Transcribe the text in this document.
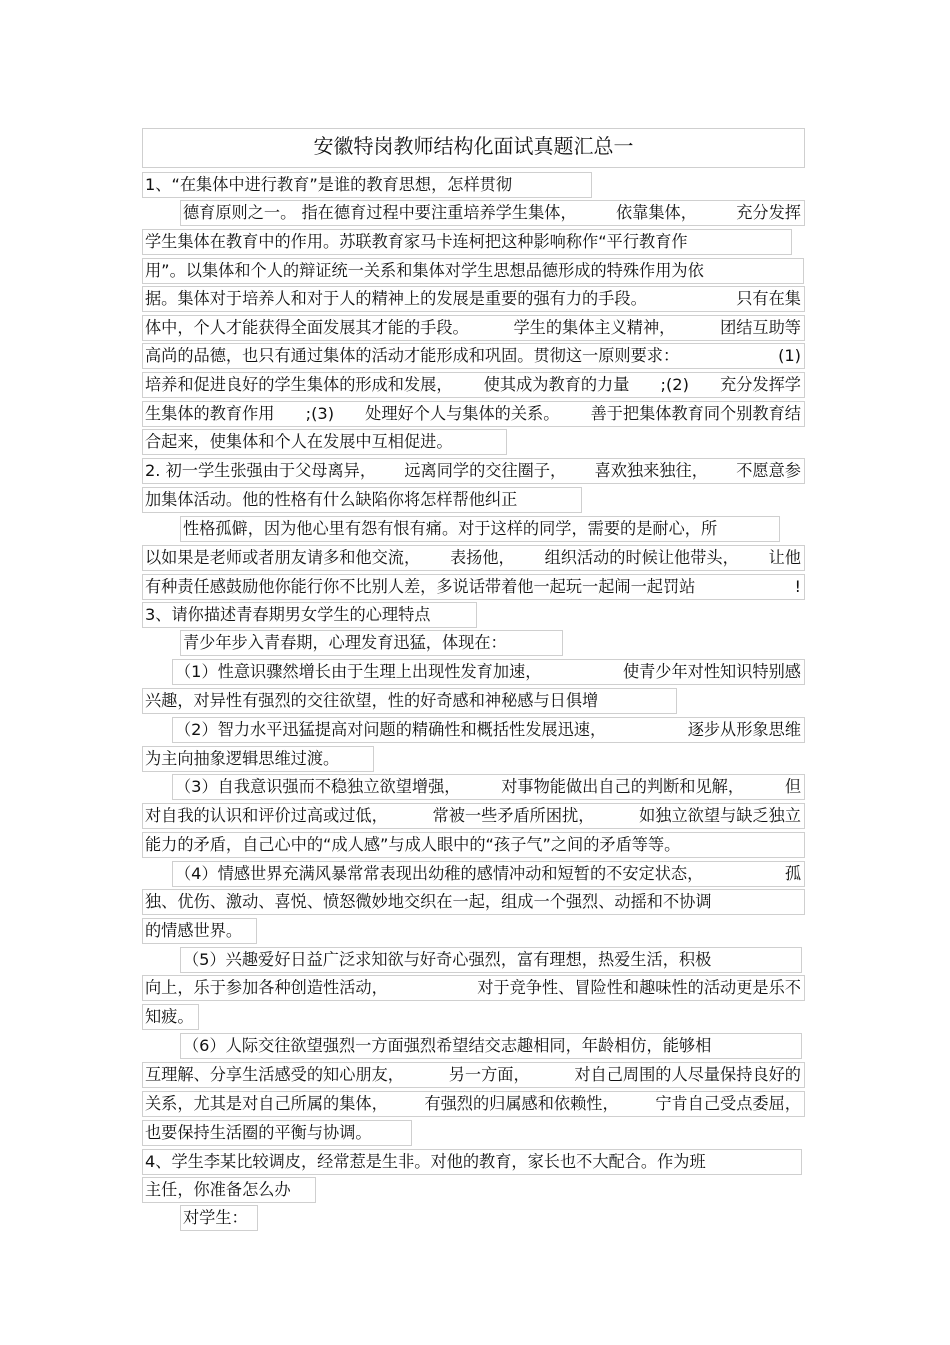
安徽特岗教师结构化面试真题汇总一
1、“在集体中进行教育”是谁的教育思想，怎样贯彻
德育原则之一。 指在德育过程中要注重培养学生集体， 依靠集体， 充分发挥
学生集体在教育中的作用。苏联教育家马卡连柯把这种影响称作“平行教育作
用”。以集体和个人的辩证统一关系和集体对学生思想品德形成的特殊作用为依
据。集体对于培养人和对于人的精神上的发展是重要的强有力的手段。	只有在集
体中，个人才能获得全面发展其才能的手段。	学生的集体主义精神，	团结互助等
高尚的品德，也只有通过集体的活动才能形成和巩固。贯彻这一原则要求：	(1)
培养和促进良好的学生集体的形成和发展， 使其成为教育的力量 ;(2) 充分发挥学
生集体的教育作用 ;(3) 处理好个人与集体的关系。 善于把集体教育同个别教育结
合起来，使集体和个人在发展中互相促进。
2. 初一学生张强由于父母离异， 远离同学的交往圈子， 喜欢独来独往， 不愿意参
加集体活动。他的性格有什么缺陷你将怎样帮他纠正
性格孤僻，因为他心里有怨有恨有痛。对于这样的同学，需要的是耐心，所
以如果是老师或者朋友请多和他交流， 表扬他， 组织活动的时候让他带头， 让他
有种责任感鼓励他你能行你不比别人差，多说话带着他一起玩一起闹一起罚站	!
3、请你描述青春期男女学生的心理特点
青少年步入青春期，心理发育迅猛，体现在：
（1）性意识骤然增长由于生理上出现性发育加速，	使青少年对性知识特别感
兴趣，对异性有强烈的交往欲望，性的好奇感和神秘感与日俱增
（2）智力水平迅猛提高对问题的精确性和概括性发展迅速，	逐步从形象思维
为主向抽象逻辑思维过渡。
（3）自我意识强而不稳独立欲望增强，	对事物能做出自己的判断和见解，	但
对自我的认识和评价过高或过低，	常被一些矛盾所困扰，	如独立欲望与缺乏独立
能力的矛盾，自己心中的“成人感”与成人眼中的“孩子气”之间的矛盾等等。
（4）情感世界充满风暴常常表现出幼稚的感情冲动和短暂的不安定状态，	孤
独、优伤、激动、喜悦、愤怒微妙地交织在一起，组成一个强烈、动摇和不协调
的情感世界。
（5）兴趣爱好日益广泛求知欲与好奇心强烈，富有理想，热爱生活，积极
向上，乐于参加各种创造性活动，	对于竞争性、冒险性和趣味性的活动更是乐不
知疲。
（6）人际交往欲望强烈一方面强烈希望结交志趣相同，年龄相仿，能够相
互理解、分享生活感受的知心朋友，	另一方面，	对自己周围的人尽量保持良好的
关系，尤其是对自己所属的集体， 有强烈的归属感和依赖性， 宁肯自己受点委屈，
也要保持生活圈的平衡与协调。
4、学生李某比较调皮，经常惹是生非。对他的教育，家长也不大配合。作为班
主任，你准备怎么办
对学生：
